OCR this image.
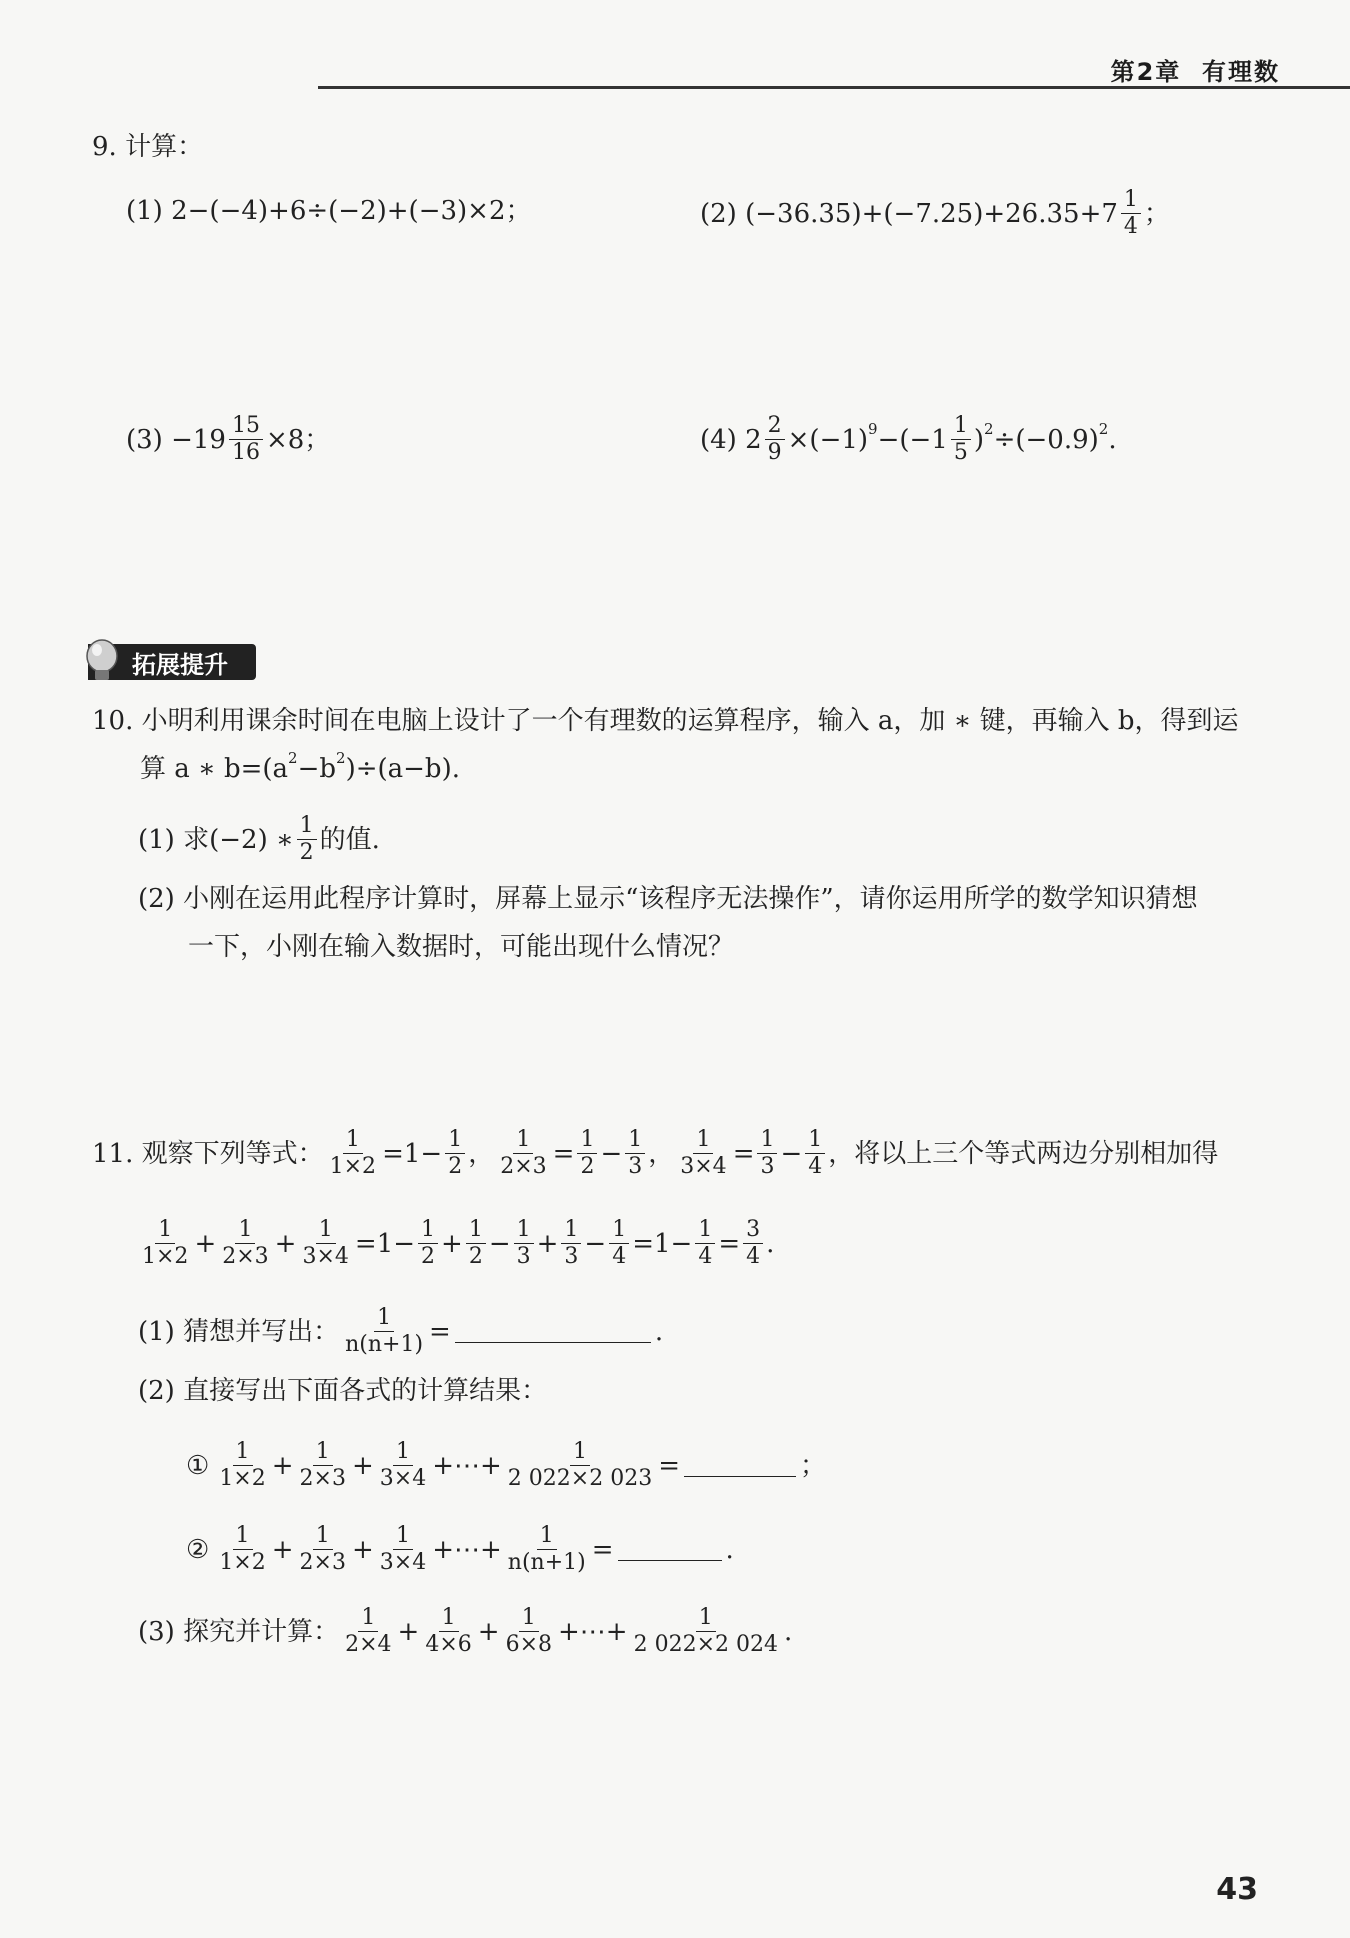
第2章 有理数
9. 计算：
(1) 2−(−4)+6÷(−2)+(−3)×2；	(2) $(-36.35)+(-7.25)+26.35+7 \frac{1}{4}$ ；
$(3) -19 \frac{15}{16} \times 8$；	(4) $2 \frac{2}{9} \times(-1)$ $9 -(-1 \frac{1}{5}$ ) 2 ÷(−0.9) 2 .
拓展提升
10. 小明利用课余时间在电脑上设计了一个有理数的运算程序，输入 a，加 ∗ 键，再输入 b，得到运
算 a ∗ b=(a 2 −b 2 )÷(a−b).
(1) 求(−2) ∗ $\frac{1}{2}$ 的值.
(2) 小刚在运用此程序计算时，屏幕上显示“该程序无法操作”，请你运用所学的数学知识猜想
一下，小刚在输入数据时，可能出现什么情况？
11. 观察下列等式： $\frac{1}{1\times 2} =1- \frac{1}{2}$ ， $\frac{1}{2\times 3} = \frac{1}{2} - \frac{1}{3}$ ， $\frac{1}{3\times 4} = \frac{1}{3} - \frac{1}{4}$ ，将以上三个等式两边分别相加得
$\frac{1}{1\times 2} + \frac{1}{2\times 3} + \frac{1}{3\times 4} =1- \frac{1}{2} + \frac{1}{2} - \frac{1}{3} + \frac{1}{3} - \frac{1}{4} =1- \frac{1}{4} = \frac{3}{4}$ .
(1) 猜想并写出： $\frac{1}{n(n+1)}$ =	.
(2) 直接写出下面各式的计算结果：
① $\frac{1}{1\times 2} + \frac{1}{2\times 3} + \frac{1}{3\times 4}$ +⋯+ $\frac{1}{2 022\times 2 023}$ =	；
② $\frac{1}{1\times 2} + \frac{1}{2\times 3} + \frac{1}{3\times 4}$ +⋯+ $\frac{1}{n(n+1)}$ =	.
(3) 探究并计算： $\frac{1}{2\times 4} + \frac{1}{4\times 6} + \frac{1}{6\times 8}$ +⋯+ $\frac{1}{2 022\times 2 024}$ .
43
